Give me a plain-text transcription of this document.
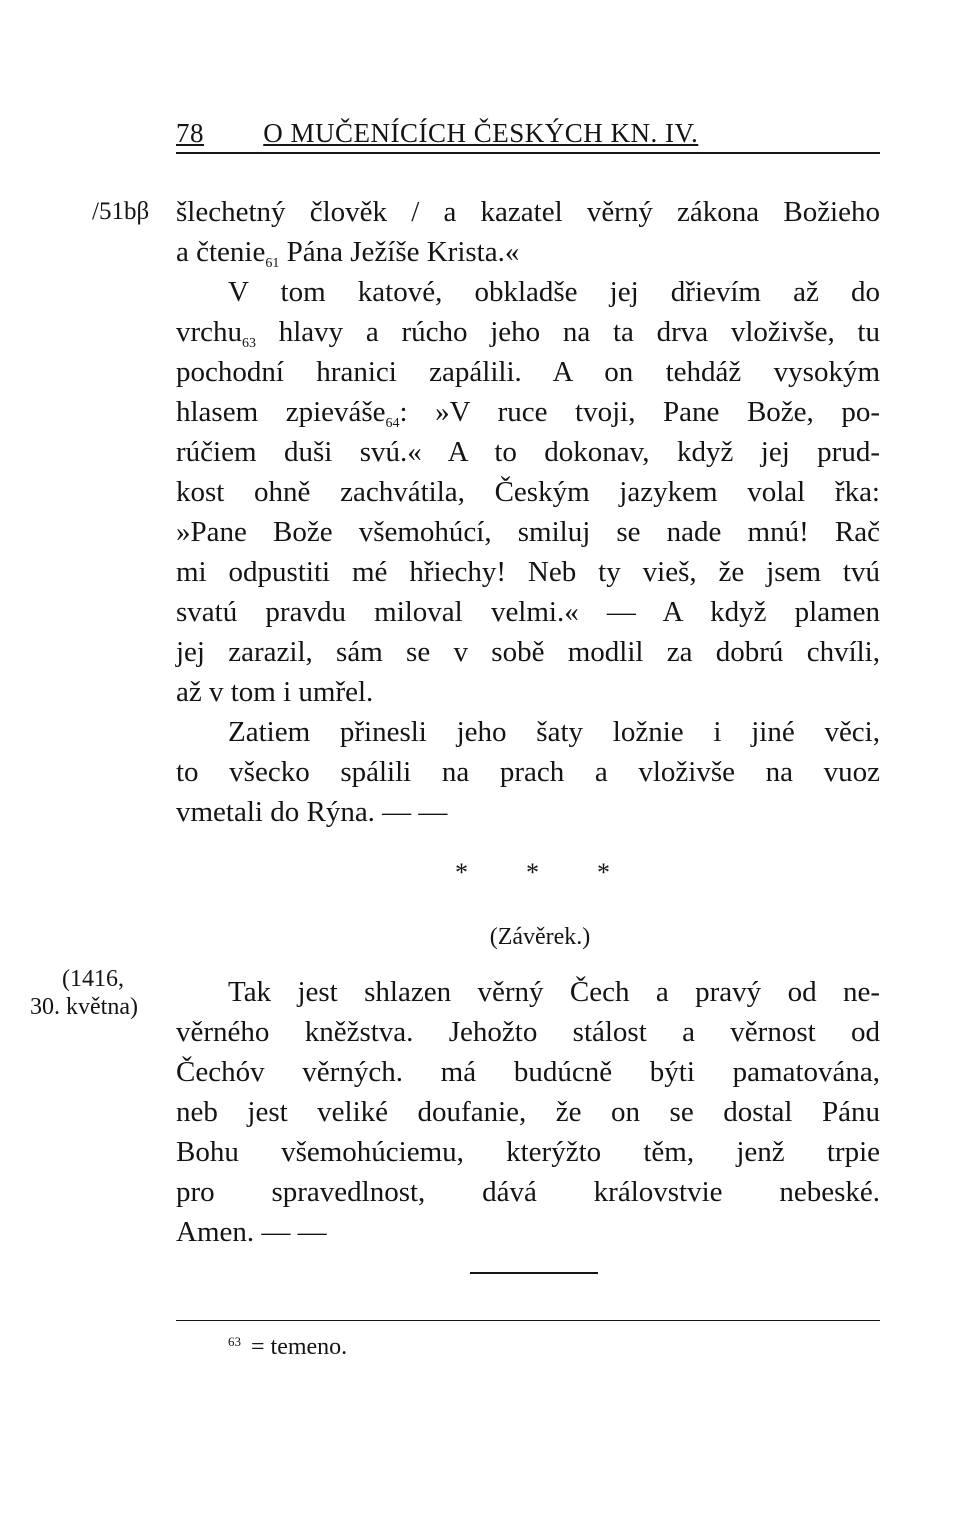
78 O MUČENÍCÍCH ČESKÝCH KN. IV.
/51bβ šlechetný člověk / a kazatel věrný zákona Božieho
a čtenie$_{61}$ Pána Ježíše Krista.«
V tom katové, obkladše jej dřievím až do
vrchu$_{63}$ hlavy a rúcho jeho na ta drva vloživše, tu
pochodní hranici zapálili. A on tehdáž vysokým
hlasem zpieváše$_{64}$: »V ruce tvoji, Pane Bože, po-
rúčiem duši svú.« A to dokonav, když jej prud-
kost ohně zachvátila, Českým jazykem volal řka:
»Pane Bože všemohúcí, smiluj se nade mnú! Rač
mi odpustiti mé hřiechy! Neb ty vieš, že jsem tvú
svatú pravdu miloval velmi.« — A když plamen
jej zarazil, sám se v sobě modlil za dobrú chvíli,
až v tom i umřel.
Zatiem přinesli jeho šaty ložnie i jiné věci,
to všecko spálili na prach a vloživše na vuoz
vmetali do Rýna. — —
* * *
(Závěrek.)
(1416,
30. května)	Tak jest shlazen věrný Čech a pravý od ne-
věrného kněžstva. Jehožto stálost a věrnost od
Čechóv věrných. má budúcně býti pamatována,
neb jest veliké doufanie, že on se dostal Pánu
Bohu všemohúciemu, kterýžto těm, jenž trpie
pro spravedlnost, dává královstvie nebeské.
Amen. — —
$^{63}$ = temeno.
